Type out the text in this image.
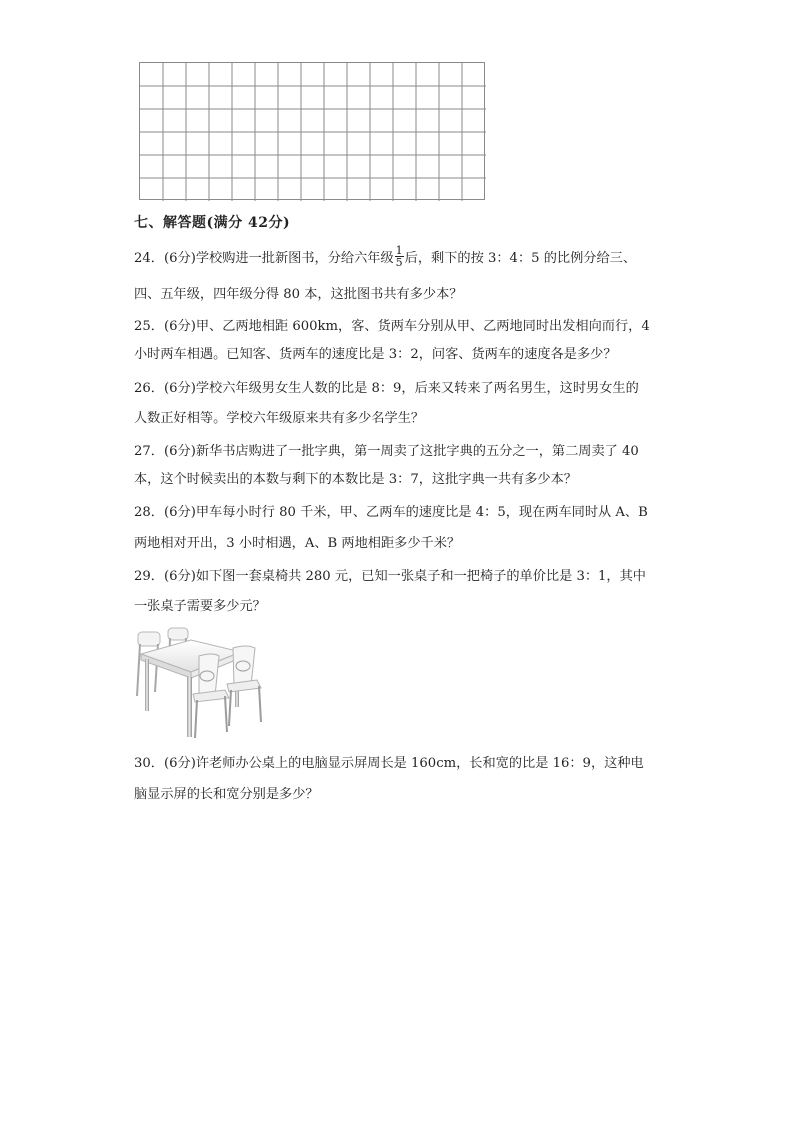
七、解答题(满分 42分)
24．(6分)学校购进一批新图书，分给六年级 $\frac{1}{5}$ 后，剩下的按 3：4：5 的比例分给三、
四、五年级，四年级分得 80 本，这批图书共有多少本？
25．(6分)甲、乙两地相距 600km，客、货两车分别从甲、乙两地同时出发相向而行，4
小时两车相遇。已知客、货两车的速度比是 3：2，问客、货两车的速度各是多少？
26．(6分)学校六年级男女生人数的比是 8：9，后来又转来了两名男生，这时男女生的
人数正好相等。学校六年级原来共有多少名学生？
27．(6分)新华书店购进了一批字典，第一周卖了这批字典的五分之一，第二周卖了 40
本，这个时候卖出的本数与剩下的本数比是 3：7，这批字典一共有多少本？
28．(6分)甲车每小时行 80 千米，甲、乙两车的速度比是 4：5，现在两车同时从 A、B
两地相对开出，3 小时相遇，A、B 两地相距多少千米？
29．(6分)如下图一套桌椅共 280 元，已知一张桌子和一把椅子的单价比是 3：1，其中
一张桌子需要多少元？
30．(6分)许老师办公桌上的电脑显示屏周长是 160cm，长和宽的比是 16：9，这种电
脑显示屏的长和宽分别是多少？
